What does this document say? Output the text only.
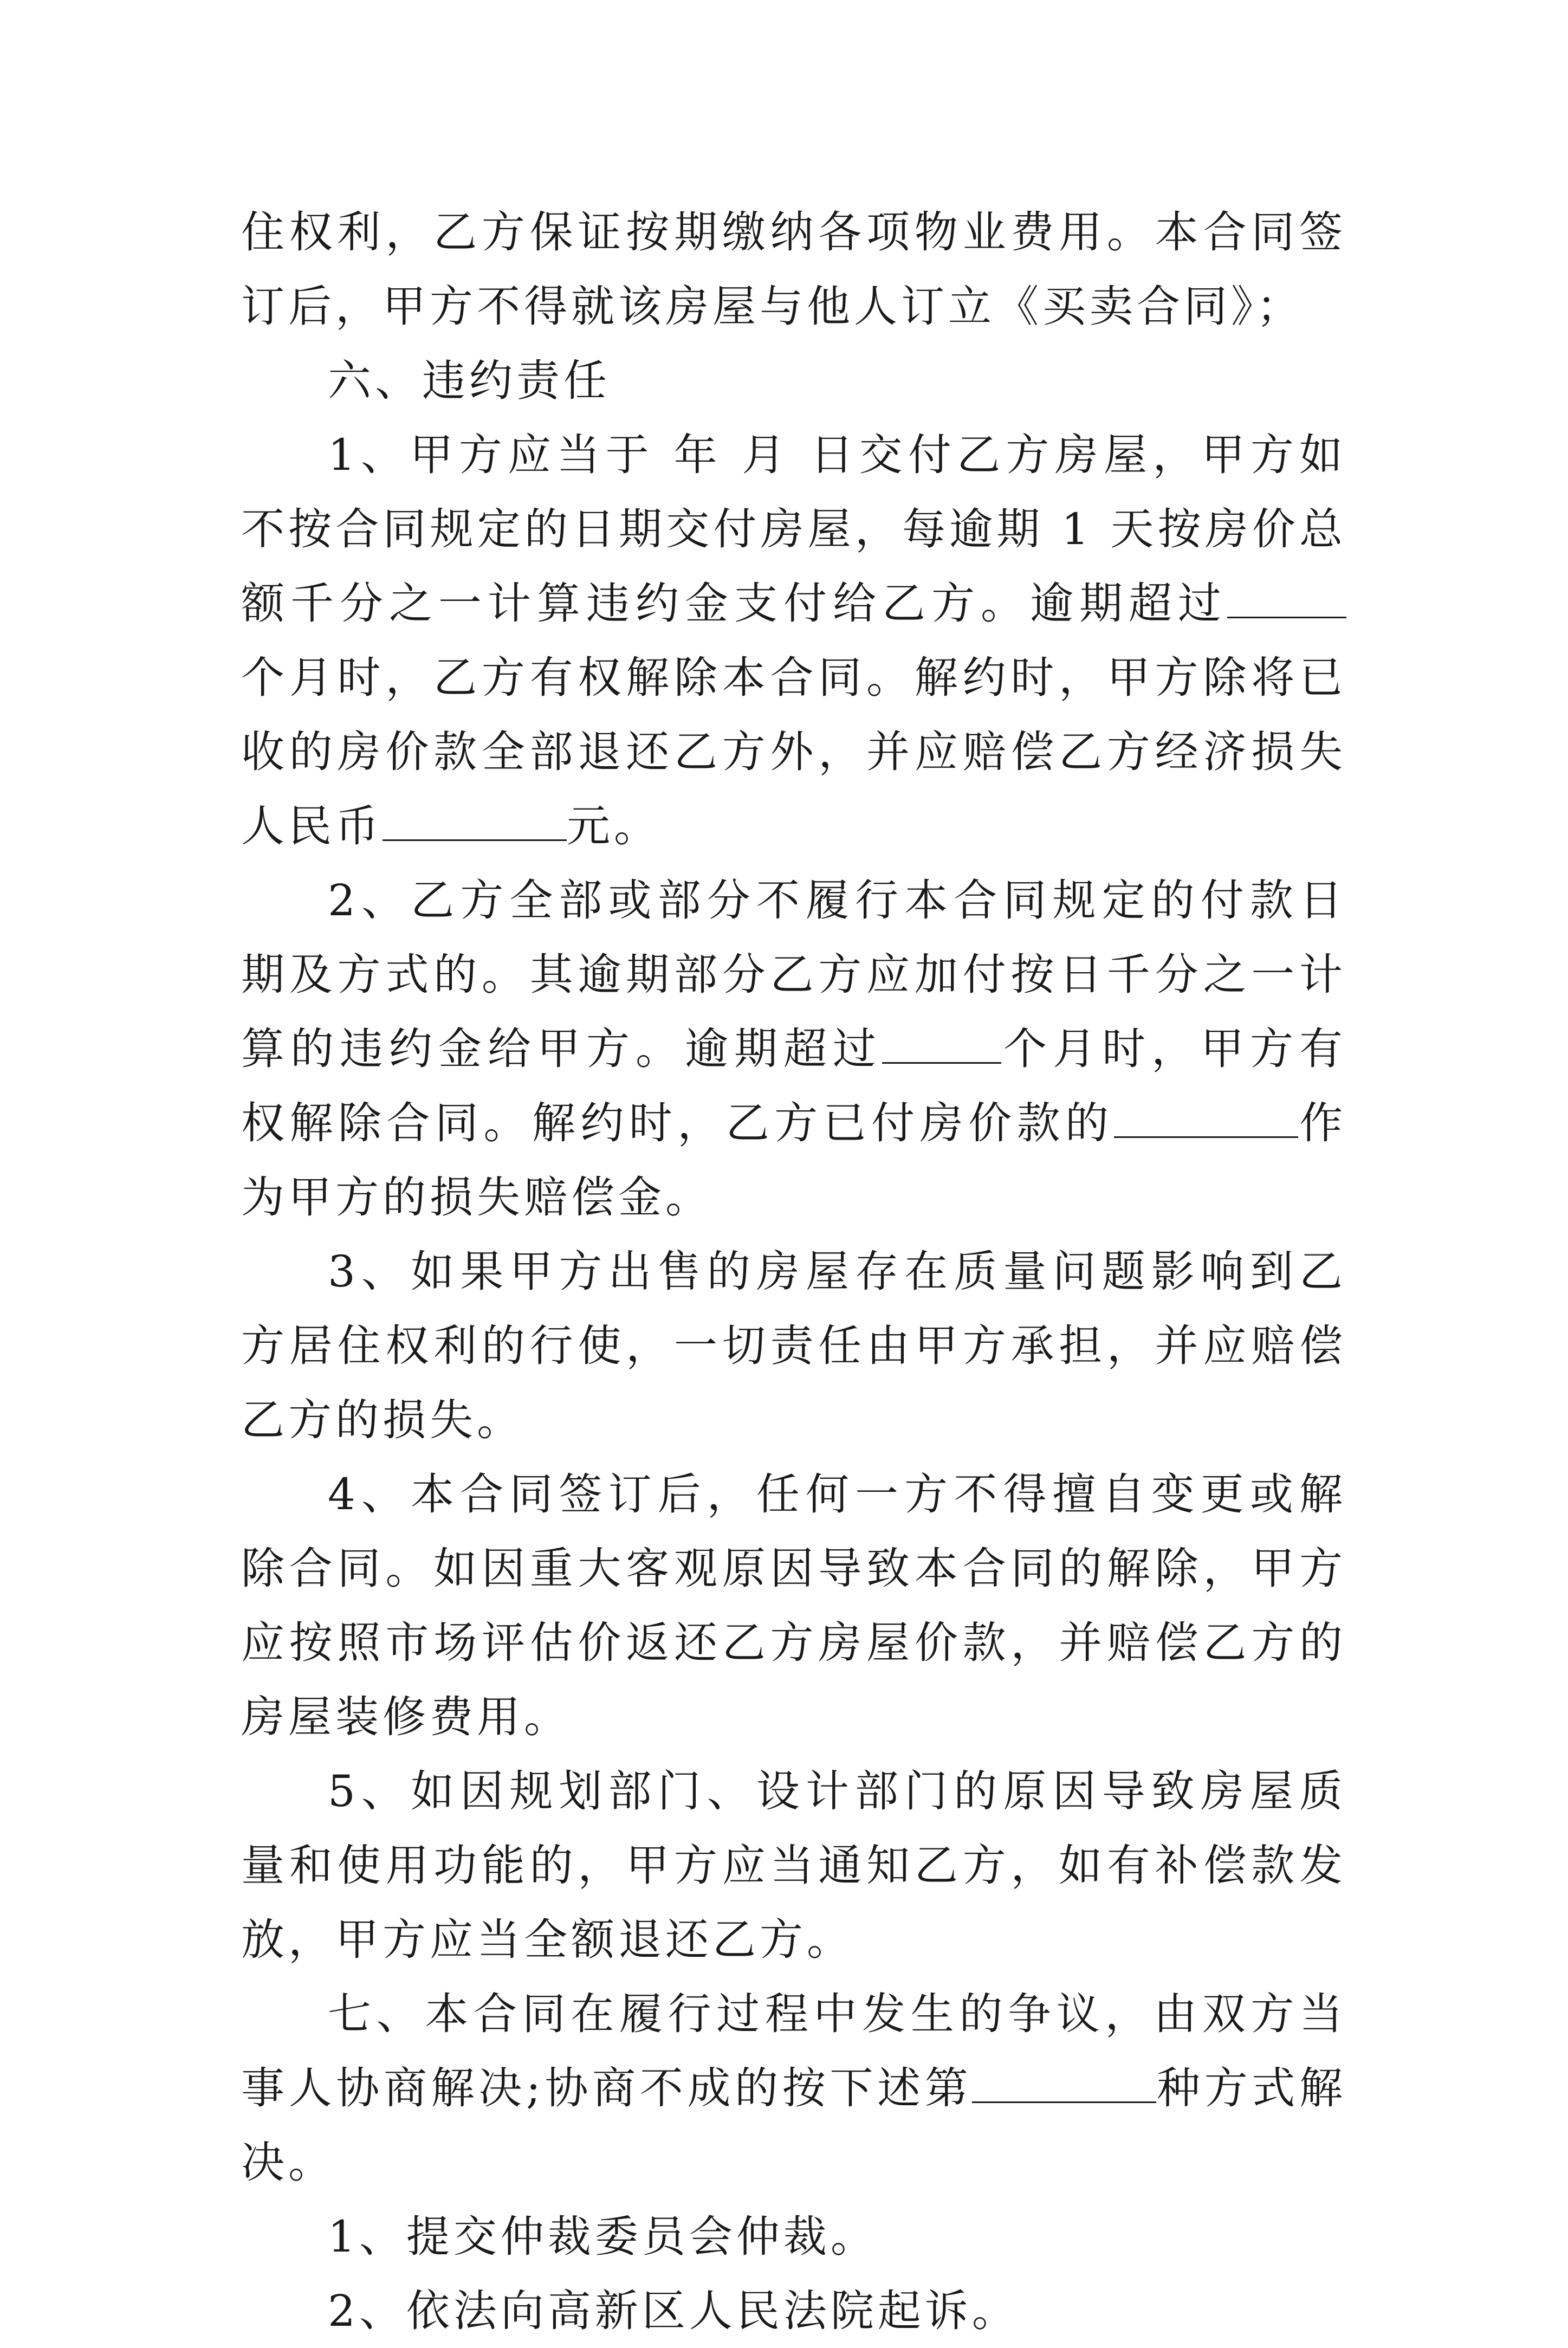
住权利，乙方保证按期缴纳各项物业费用。本合同签订后，甲方不得就该房屋与他人订立《买卖合同》；

六、违约责任

1、甲方应当于 年 月 日交付乙方房屋，甲方如不按合同规定的日期交付房屋，每逾期 1 天按房价总额千分之一计算违约金支付给乙方。逾期超过个月时，乙方有权解除本合同。解约时，甲方除将已收的房价款全部退还乙方外，并应赔偿乙方经济损失人民币	元。

2、乙方全部或部分不履行本合同规定的付款日期及方式的。其逾期部分乙方应加付按日千分之一计算的违约金给甲方。逾期超过	个月时，甲方有权解除合同。解约时，乙方已付房价款的	作为甲方的损失赔偿金。

3、如果甲方出售的房屋存在质量问题影响到乙方居住权利的行使，一切责任由甲方承担，并应赔偿乙方的损失。

4、本合同签订后，任何一方不得擅自变更或解除合同。如因重大客观原因导致本合同的解除，甲方应按照市场评估价返还乙方房屋价款，并赔偿乙方的房屋装修费用。

5、如因规划部门、设计部门的原因导致房屋质量和使用功能的，甲方应当通知乙方，如有补偿款发放，甲方应当全额退还乙方。

七、本合同在履行过程中发生的争议，由双方当事人协商解决;协商不成的按下述第	种方式解决。

1、提交仲裁委员会仲裁。

2、依法向高新区人民法院起诉。
